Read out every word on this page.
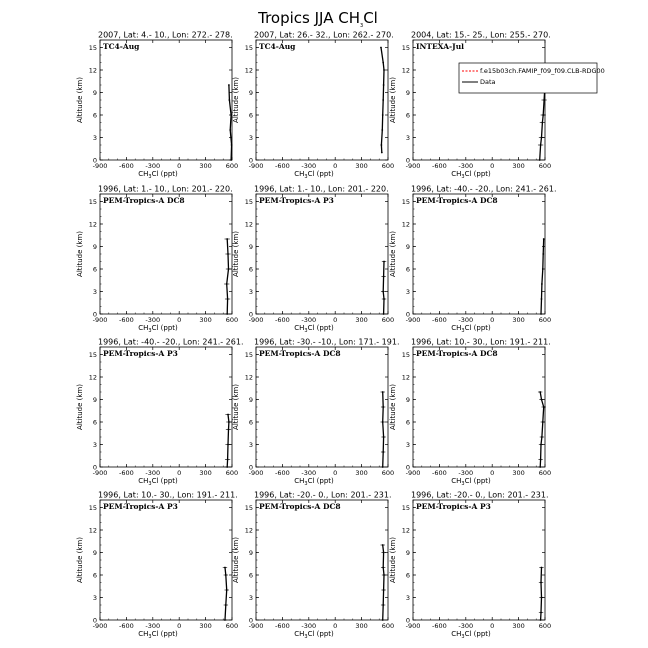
Tropics JJA $CH_3Cl$
2007, Lat: 4.- 10., Lon: 272.- 278.
TC4-Aug
-900 -600 -300	0	300 600
0
3
6
9
12
15
$CH_3Cl$ (ppt)
Altitude (km)
2007, Lat: 26.- 32., Lon: 262.- 270.
TC4-Aug
-900 -600 -300	0	300 600
0
3
6
9
12
15
$CH_3Cl$ (ppt)
Altitude (km)
2004, Lat: 15.- 25., Lon: 255.- 270.
INTEXA-Jul
-900 -600 -300	0	300 600
0
3
6
9
12
15
$CH_3Cl$ (ppt)
Altitude (km)
f.e15b03ch.FAMIP_f09_f09.CLB-RDG00
Data
1996, Lat: 1.- 10., Lon: 201.- 220.
PEM-Tropics-A DC8
-900 -600 -300	0	300 600
0
3
6
9
12
15
$CH_3Cl$ (ppt)
Altitude (km)
1996, Lat: 1.- 10., Lon: 201.- 220.
PEM-Tropics-A P3
-900 -600 -300	0	300 600
0
3
6
9
12
15
$CH_3Cl$ (ppt)
Altitude (km)
1996, Lat: -40.- -20., Lon: 241.- 261.
PEM-Tropics-A DC8
-900 -600 -300	0	300 600
0
3
6
9
12
15
$CH_3Cl$ (ppt)
Altitude (km)
1996, Lat: -40.- -20., Lon: 241.- 261.
PEM-Tropics-A P3
-900 -600 -300	0	300 600
0
3
6
9
12
15
$CH_3Cl$ (ppt)
Altitude (km)
1996, Lat: -30.- -10., Lon: 171.- 191.
PEM-Tropics-A DC8
-900 -600 -300	0	300 600
0
3
6
9
12
15
$CH_3Cl$ (ppt)
Altitude (km)
1996, Lat: 10.- 30., Lon: 191.- 211.
PEM-Tropics-A DC8
-900 -600 -300	0	300 600
0
3
6
9
12
15
$CH_3Cl$ (ppt)
Altitude (km)
1996, Lat: 10.- 30., Lon: 191.- 211.
PEM-Tropics-A P3
-900 -600 -300	0	300 600
0
3
6
9
12
15
$CH_3Cl$ (ppt)
Altitude (km)
1996, Lat: -20.- 0., Lon: 201.- 231.
PEM-Tropics-A DC8
-900 -600 -300	0	300 600
0
3
6
9
12
15
$CH_3Cl$ (ppt)
Altitude (km)
1996, Lat: -20.- 0., Lon: 201.- 231.
PEM-Tropics-A P3
-900 -600 -300	0	300 600
0
3
6
9
12
15
$CH_3Cl$ (ppt)
Altitude (km)
